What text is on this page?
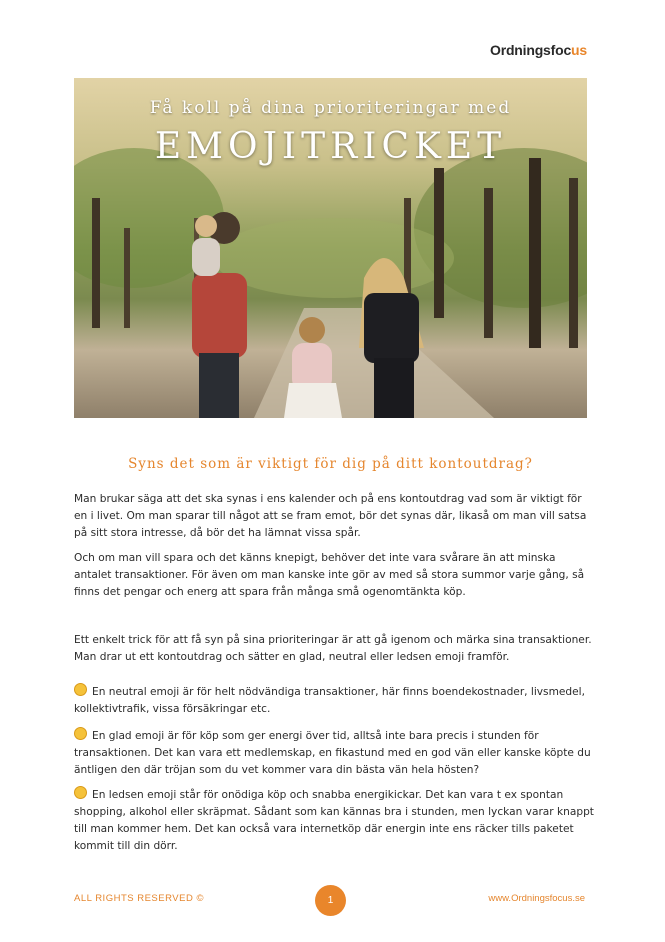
Ordningsfocus
Få koll på dina prioriteringar med
EMOJITRICKET
Syns det som är viktigt för dig på ditt kontoutdrag?
Man brukar säga att det ska synas i ens kalender och på ens kontoutdrag vad som är viktigt för en i livet. Om man sparar till något att se fram emot, bör det synas där, likaså om man vill satsa på sitt stora intresse, då bör det ha lämnat vissa spår.
Och om man vill spara och det känns knepigt, behöver det inte vara svårare än att minska antalet transaktioner. För även om man kanske inte gör av med så stora summor varje gång, så finns det pengar och energ att spara från många små ogenomtänkta köp.
Ett enkelt trick för att få syn på sina prioriteringar är att gå igenom och märka sina transaktioner. Man drar ut ett kontoutdrag och sätter en glad, neutral eller ledsen emoji framför.
En neutral emoji är för helt nödvändiga transaktioner, här finns boendekostnader, livsmedel, kollektivtrafik, vissa försäkringar etc.
En glad emoji är för köp som ger energi över tid, alltså inte bara precis i stunden för transaktionen. Det kan vara ett medlemskap, en fikastund med en god vän eller kanske köpte du äntligen den där tröjan som du vet kommer vara din bästa vän hela hösten?
En ledsen emoji står för onödiga köp och snabba energikickar. Det kan vara t ex spontan shopping, alkohol eller skräpmat. Sådant som kan kännas bra i stunden, men lyckan varar knappt till man kommer hem. Det kan också vara internetköp där energin inte ens räcker tills paketet kommit till din dörr.
ALL RIGHTS RESERVED ©	1	www.Ordningsfocus.se
